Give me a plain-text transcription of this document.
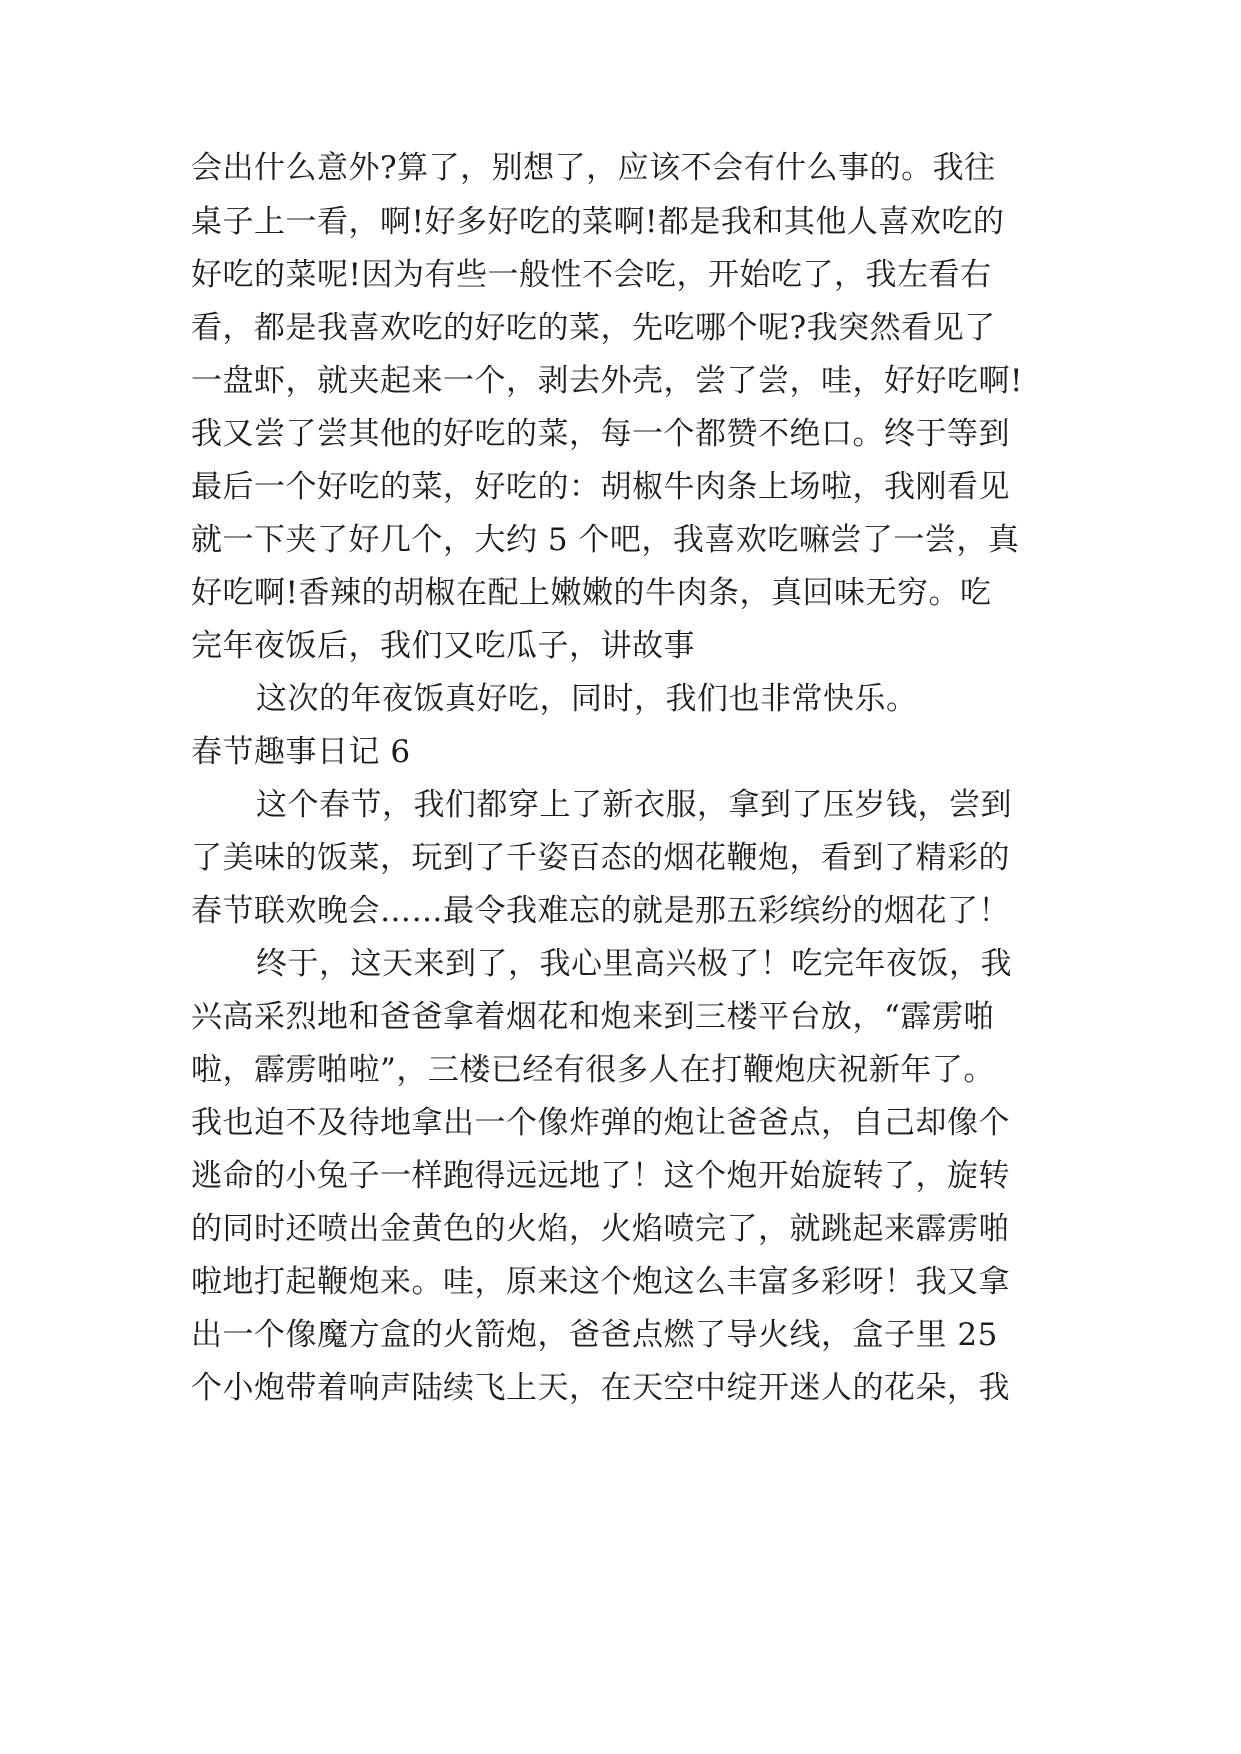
会出什么意外?算了，别想了，应该不会有什么事的。我往
桌子上一看，啊!好多好吃的菜啊!都是我和其他人喜欢吃的
好吃的菜呢!因为有些一般性不会吃，开始吃了，我左看右
看，都是我喜欢吃的好吃的菜，先吃哪个呢?我突然看见了
一盘虾，就夹起来一个，剥去外壳，尝了尝，哇，好好吃啊!
我又尝了尝其他的好吃的菜，每一个都赞不绝口。终于等到
最后一个好吃的菜，好吃的：胡椒牛肉条上场啦，我刚看见
就一下夹了好几个，大约 5 个吧，我喜欢吃嘛尝了一尝，真
好吃啊!香辣的胡椒在配上嫩嫩的牛肉条，真回味无穷。吃
完年夜饭后，我们又吃瓜子，讲故事
这次的年夜饭真好吃，同时，我们也非常快乐。
春节趣事日记 6
这个春节，我们都穿上了新衣服，拿到了压岁钱，尝到
了美味的饭菜，玩到了千姿百态的烟花鞭炮，看到了精彩的
春节联欢晚会……最令我难忘的就是那五彩缤纷的烟花了！
终于，这天来到了，我心里高兴极了！吃完年夜饭，我
兴高采烈地和爸爸拿着烟花和炮来到三楼平台放，“霹雳啪
啦，霹雳啪啦”，三楼已经有很多人在打鞭炮庆祝新年了。
我也迫不及待地拿出一个像炸弹的炮让爸爸点，自己却像个
逃命的小兔子一样跑得远远地了！这个炮开始旋转了，旋转
的同时还喷出金黄色的火焰，火焰喷完了，就跳起来霹雳啪
啦地打起鞭炮来。哇，原来这个炮这么丰富多彩呀！我又拿
出一个像魔方盒的火箭炮，爸爸点燃了导火线，盒子里 25
个小炮带着响声陆续飞上天，在天空中绽开迷人的花朵，我
